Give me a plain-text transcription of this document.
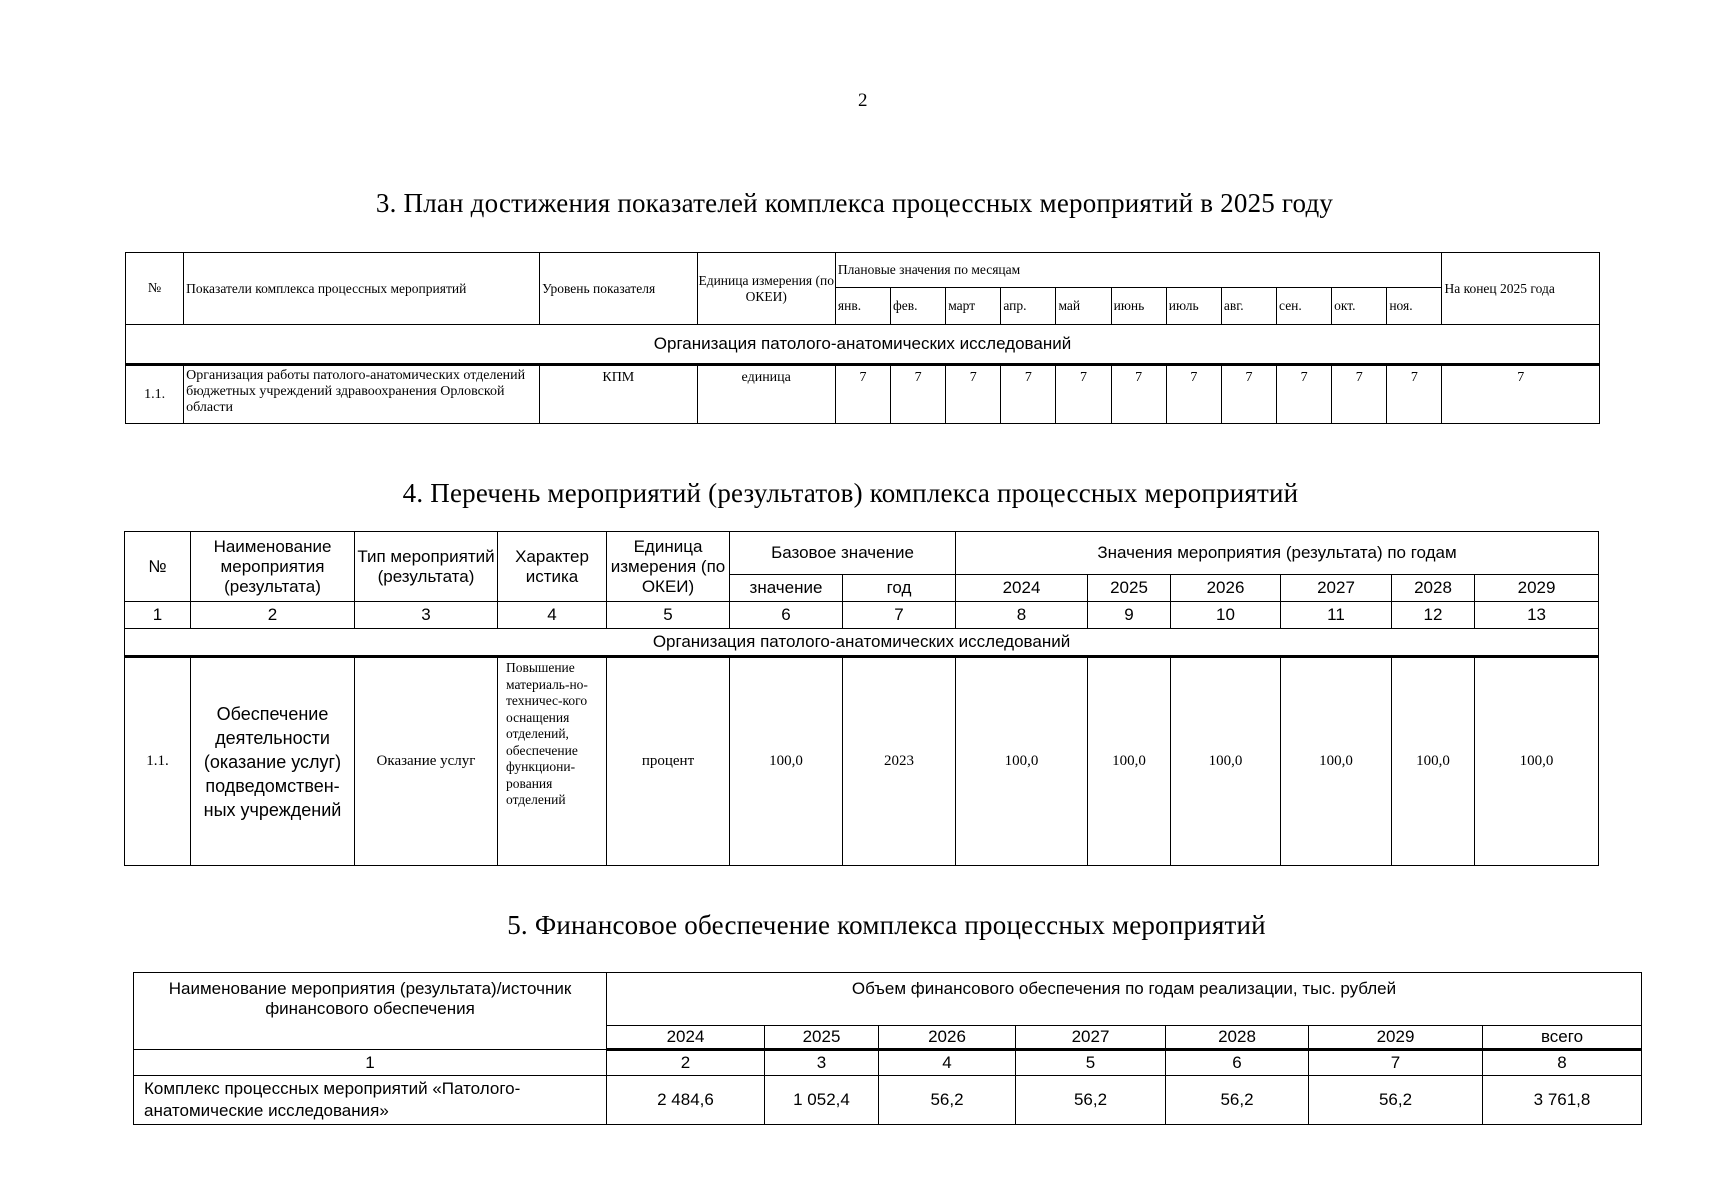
2
3. План достижения показателей комплекса процессных мероприятий в 2025 году
№	Показатели комплекса процессных мероприятий	Уровень показателя	Единица измерения (по ОКЕИ)	Плановые значения по месяцам											На конец 2025 года
				янв.	фев.	март	апр.	май	июнь	июль	авг.	сен.	окт.	ноя.	
Организация патолого-анатомических исследований															
1.1.	Организация работы патолого-анатомических отделений бюджетных учреждений здравоохранения Орловской области	КПМ	единица	7	7	7	7	7	7	7	7	7	7	7	7
4. Перечень мероприятий (результатов) комплекса процессных мероприятий
№	Наименование мероприятия (результата)	Тип мероприятий (результата)	Характер истика	Единица измерения (по ОКЕИ)	Базовое значение		Значения мероприятия (результата) по годам					
					значение	год	2024	2025	2026	2027	2028	2029
1	2	3	4	5	6	7	8	9	10	11	12	13
Организация патолого-анатомических исследований												
1.1.	Обеспечение деятельности (оказание услуг) подведомствен-ных учреждений	Оказание услуг	Повышение материаль-но-техничес-кого оснащения отделений, обеспечение функциони-рования отделений	процент	100,0	2023	100,0	100,0	100,0	100,0	100,0	100,0
5. Финансовое обеспечение комплекса процессных мероприятий
Наименование мероприятия (результата)/источник финансового обеспечения	Объем финансового обеспечения по годам реализации, тыс. рублей						
	2024	2025	2026	2027	2028	2029	всего
1	2	3	4	5	6	7	8
Комплекс процессных мероприятий «Патолого-анатомические исследования»	2 484,6	1 052,4	56,2	56,2	56,2	56,2	3 761,8
